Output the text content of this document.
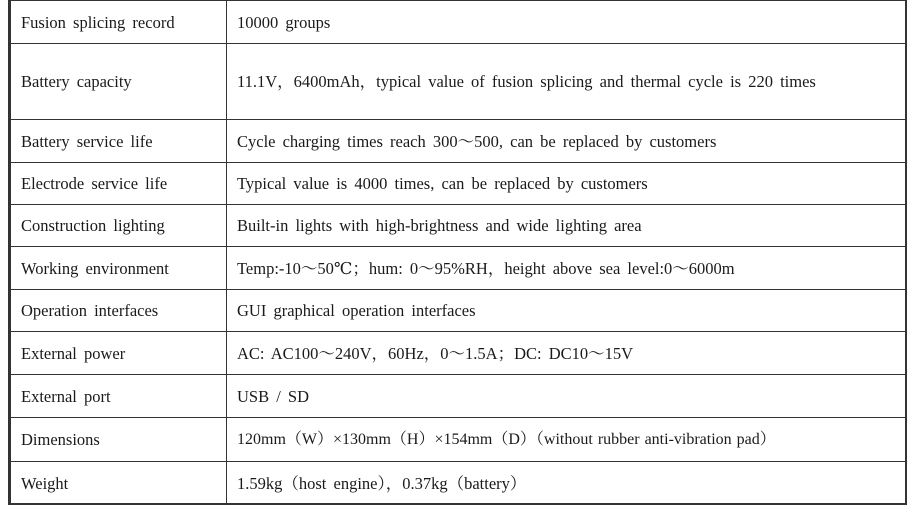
Fusion splicing record	10000 groups
Battery capacity	11.1V，6400mAh，typical value of fusion splicing and thermal cycle is 220 times
Battery service life	Cycle charging times reach 300～500, can be replaced by customers
Electrode service life	Typical value is 4000 times, can be replaced by customers
Construction lighting	Built-in lights with high-brightness and wide lighting area
Working environment	Temp:-10～50℃；hum: 0～95%RH，height above sea level:0～6000m
Operation interfaces	GUI graphical operation interfaces
External power	AC: AC100～240V，60Hz，0～1.5A；DC: DC10～15V
External port	USB / SD
Dimensions	120mm（W）×130mm（H）×154mm（D）（without rubber anti-vibration pad）
Weight	1.59kg（host engine），0.37kg（battery）
